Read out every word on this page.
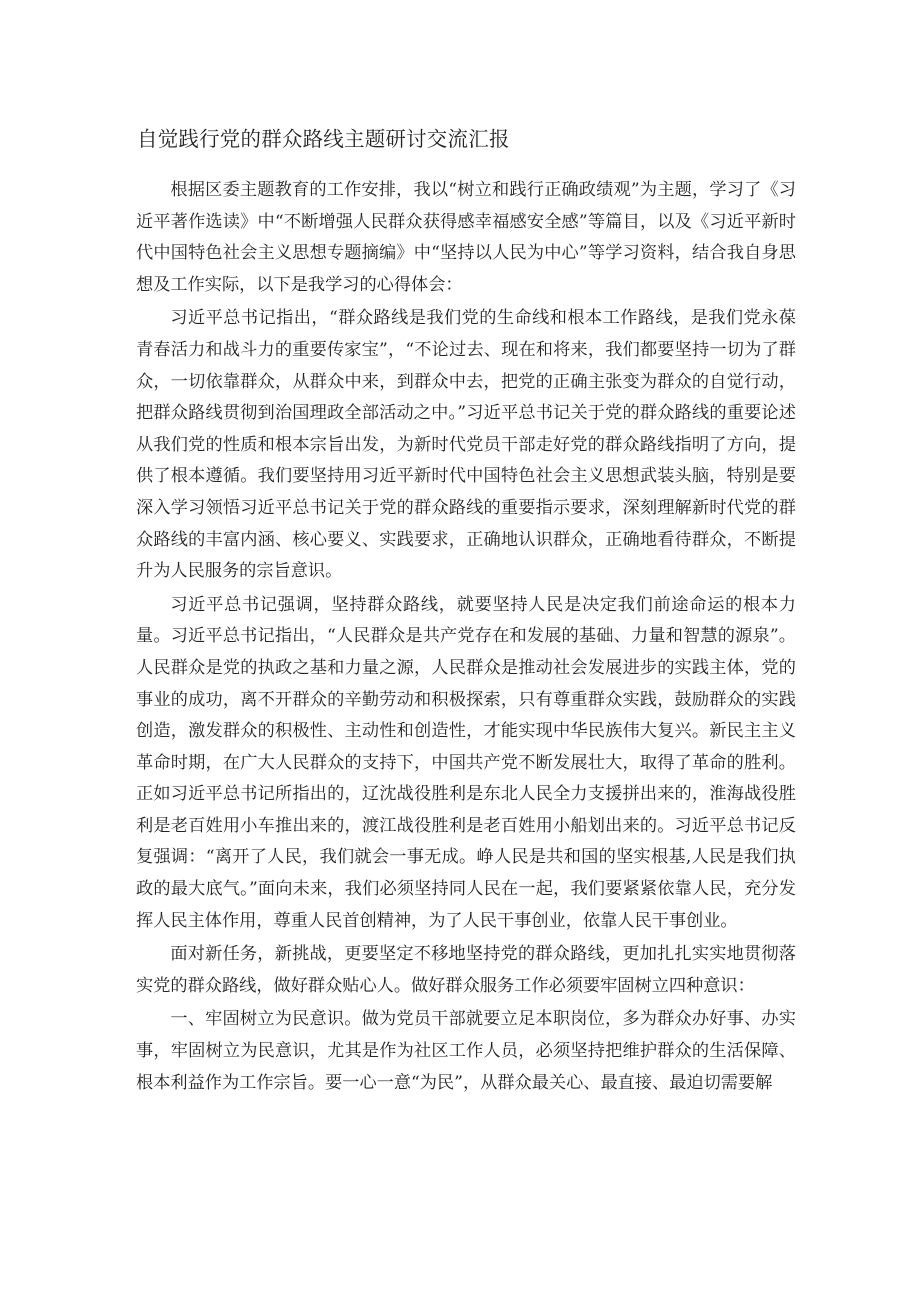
自觉践行党的群众路线主题研讨交流汇报

根据区委主题教育的工作安排，我以“树立和践行正确政绩观”为主题，学习了《习近平著作选读》中“不断增强人民群众获得感幸福感安全感”等篇目，以及《习近平新时代中国特色社会主义思想专题摘编》中“坚持以人民为中心”等学习资料，结合我自身思想及工作实际，以下是我学习的心得体会：

习近平总书记指出，“群众路线是我们党的生命线和根本工作路线，是我们党永葆青春活力和战斗力的重要传家宝”，“不论过去、现在和将来，我们都要坚持一切为了群众，一切依靠群众，从群众中来，到群众中去，把党的正确主张变为群众的自觉行动，把群众路线贯彻到治国理政全部活动之中。”习近平总书记关于党的群众路线的重要论述从我们党的性质和根本宗旨出发，为新时代党员干部走好党的群众路线指明了方向，提供了根本遵循。我们要坚持用习近平新时代中国特色社会主义思想武装头脑，特别是要深入学习领悟习近平总书记关于党的群众路线的重要指示要求，深刻理解新时代党的群众路线的丰富内涵、核心要义、实践要求，正确地认识群众，正确地看待群众，不断提升为人民服务的宗旨意识。

习近平总书记强调，坚持群众路线，就要坚持人民是决定我们前途命运的根本力量。习近平总书记指出，“人民群众是共产党存在和发展的基础、力量和智慧的源泉”。人民群众是党的执政之基和力量之源，人民群众是推动社会发展进步的实践主体，党的事业的成功，离不开群众的辛勤劳动和积极探索，只有尊重群众实践，鼓励群众的实践创造，激发群众的积极性、主动性和创造性，才能实现中华民族伟大复兴。新民主主义革命时期，在广大人民群众的支持下，中国共产党不断发展壮大，取得了革命的胜利。正如习近平总书记所指出的，辽沈战役胜利是东北人民全力支援拼出来的，淮海战役胜利是老百姓用小车推出来的，渡江战役胜利是老百姓用小船划出来的。习近平总书记反复强调：“离开了人民，我们就会一事无成。峥人民是共和国的坚实根基,人民是我们执政的最大底气。”面向未来，我们必须坚持同人民在一起，我们要紧紧依靠人民，充分发挥人民主体作用，尊重人民首创精神，为了人民干事创业，依靠人民干事创业。

面对新任务，新挑战，更要坚定不移地坚持党的群众路线，更加扎扎实实地贯彻落实党的群众路线，做好群众贴心人。做好群众服务工作必须要牢固树立四种意识：

一、牢固树立为民意识。做为党员干部就要立足本职岗位，多为群众办好事、办实事，牢固树立为民意识，尤其是作为社区工作人员，必须坚持把维护群众的生活保障、根本利益作为工作宗旨。要一心一意“为民”，从群众最关心、最直接、最迫切需要解
